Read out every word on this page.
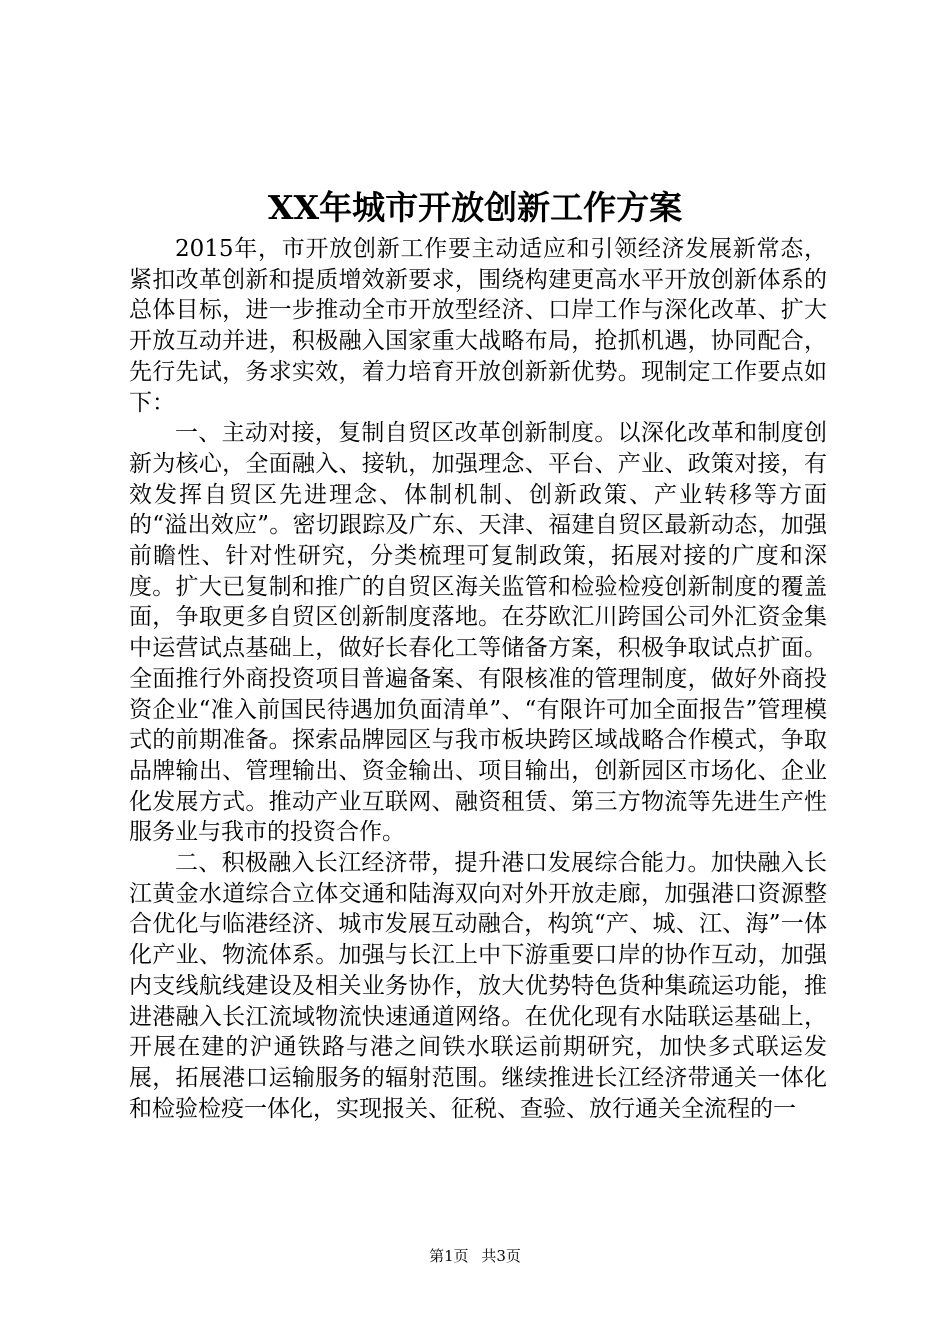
XX年城市开放创新工作方案

2015年，市开放创新工作要主动适应和引领经济发展新常态，紧扣改革创新和提质增效新要求，围绕构建更高水平开放创新体系的总体目标，进一步推动全市开放型经济、口岸工作与深化改革、扩大开放互动并进，积极融入国家重大战略布局，抢抓机遇，协同配合，先行先试，务求实效，着力培育开放创新新优势。现制定工作要点如下：

一、主动对接，复制自贸区改革创新制度。以深化改革和制度创新为核心，全面融入、接轨，加强理念、平台、产业、政策对接，有效发挥自贸区先进理念、体制机制、创新政策、产业转移等方面的“溢出效应”。密切跟踪及广东、天津、福建自贸区最新动态，加强前瞻性、针对性研究，分类梳理可复制政策，拓展对接的广度和深度。扩大已复制和推广的自贸区海关监管和检验检疫创新制度的覆盖面，争取更多自贸区创新制度落地。在芬欧汇川跨国公司外汇资金集中运营试点基础上，做好长春化工等储备方案，积极争取试点扩面。全面推行外商投资项目普遍备案、有限核准的管理制度，做好外商投资企业“准入前国民待遇加负面清单”、“有限许可加全面报告”管理模式的前期准备。探索品牌园区与我市板块跨区域战略合作模式，争取品牌输出、管理输出、资金输出、项目输出，创新园区市场化、企业化发展方式。推动产业互联网、融资租赁、第三方物流等先进生产性服务业与我市的投资合作。

二、积极融入长江经济带，提升港口发展综合能力。加快融入长江黄金水道综合立体交通和陆海双向对外开放走廊，加强港口资源整合优化与临港经济、城市发展互动融合，构筑“产、城、江、海”一体化产业、物流体系。加强与长江上中下游重要口岸的协作互动，加强内支线航线建设及相关业务协作，放大优势特色货种集疏运功能，推进港融入长江流域物流快速通道网络。在优化现有水陆联运基础上，开展在建的沪通铁路与港之间铁水联运前期研究，加快多式联运发展，拓展港口运输服务的辐射范围。继续推进长江经济带通关一体化和检验检疫一体化，实现报关、征税、查验、放行通关全流程的一

第1页 共3页
